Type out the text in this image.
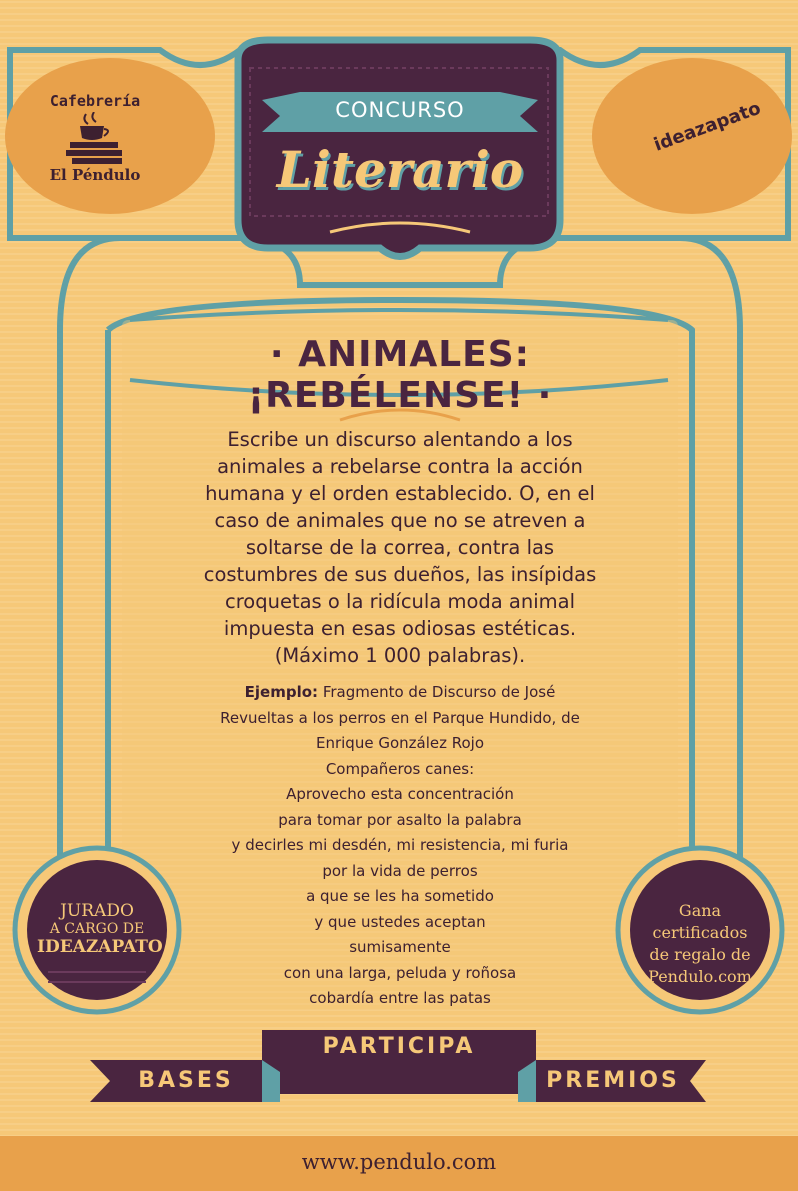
Cafebrería
El Péndulo
CONCURSO
Literario
ideazapato
· ANIMALES: ¡REBÉLENSE! ·
Escribe un discurso alentando a los
animales a rebelarse contra la acción
humana y el orden establecido. O, en el
caso de animales que no se atreven a
soltarse de la correa, contra las
costumbres de sus dueños, las insípidas
croquetas o la ridícula moda animal
impuesta en esas odiosas estéticas.
(Máximo 1 000 palabras).
Ejemplo: Fragmento de Discurso de José
Revueltas a los perros en el Parque Hundido, de
Enrique González Rojo
Compañeros canes:
Aprovecho esta concentración
para tomar por asalto la palabra
y decirles mi desdén, mi resistencia, mi furia
por la vida de perros
a que se les ha sometido
y que ustedes aceptan
sumisamente
con una larga, peluda y roñosa
cobardía entre las patas
JURADO
A CARGO DE
IDEAZAPATO
Gana
certificados
de regalo de
Pendulo.com
PARTICIPA
BASES	PREMIOS
www.pendulo.com
